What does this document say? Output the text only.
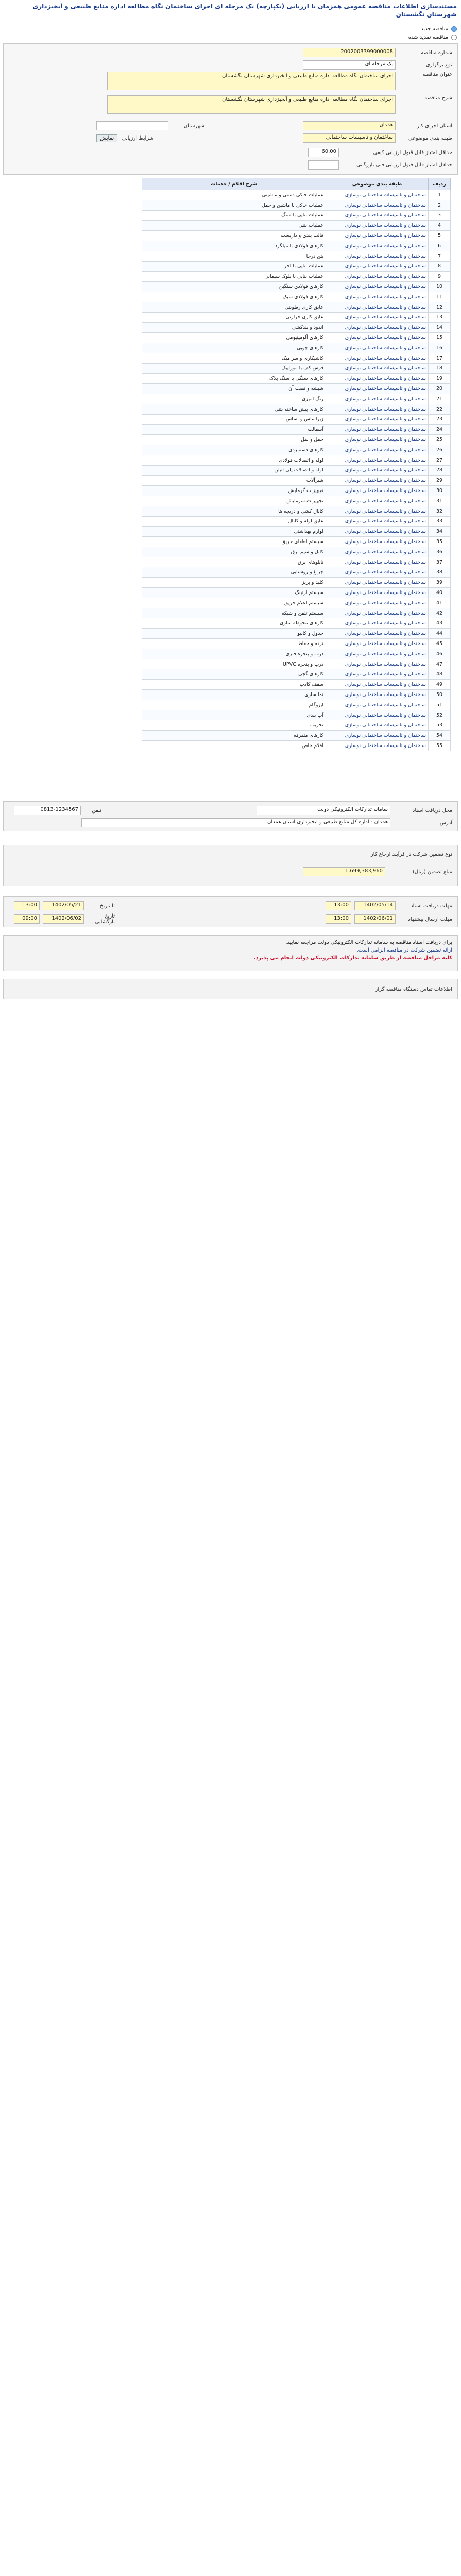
مستندسازی اطلاعات مناقصه عمومی همزمان با ارزیابی (یکپارچه) یک مرحله ای اجرای ساختمان نگاه مطالعه اداره منابع طبیعی و آبخیزداری شهرستان نگشستان
مناقصه جدید
مناقصه تمدید شده
شماره مناقصه
2002003399000008
نوع برگزاری
یک مرحله ای
عنوان مناقصه
اجرای ساختمان نگاه مطالعه اداره منابع طبیعی و آبخیزداری شهرستان نگشستان
شرح مناقصه
اجرای ساختمان نگاه مطالعه اداره منابع طبیعی و آبخیزداری شهرستان نگشستان
استان اجرای کار
همدان
طبقه بندی موضوعی
ساختمان و تاسیسات ساختمانی
شهرستان
شرایط ارزیابی
نمایش
حداقل امتیاز قابل قبول ارزیابی کیفی
60.00
حداقل امتیاز قابل قبول ارزیابی فنی بازرگانی
ردیف	طبقه بندی موضوعی	شرح اقلام / خدمات
1	ساختمان و تاسیسات ساختمانی نوسازی	عملیات خاکی دستی و ماشینی
2	ساختمان و تاسیسات ساختمانی نوسازی	عملیات خاکی با ماشین و حمل
3	ساختمان و تاسیسات ساختمانی نوسازی	عملیات بنایی با سنگ
4	ساختمان و تاسیسات ساختمانی نوسازی	عملیات بتنی
5	ساختمان و تاسیسات ساختمانی نوسازی	قالب بندی و داربست
6	ساختمان و تاسیسات ساختمانی نوسازی	کارهای فولادی با میلگرد
7	ساختمان و تاسیسات ساختمانی نوسازی	بتن درجا
8	ساختمان و تاسیسات ساختمانی نوسازی	عملیات بنایی با آجر
9	ساختمان و تاسیسات ساختمانی نوسازی	عملیات بنایی با بلوک سیمانی
10	ساختمان و تاسیسات ساختمانی نوسازی	کارهای فولادی سنگین
11	ساختمان و تاسیسات ساختمانی نوسازی	کارهای فولادی سبک
12	ساختمان و تاسیسات ساختمانی نوسازی	عایق کاری رطوبتی
13	ساختمان و تاسیسات ساختمانی نوسازی	عایق کاری حرارتی
14	ساختمان و تاسیسات ساختمانی نوسازی	اندود و بندکشی
15	ساختمان و تاسیسات ساختمانی نوسازی	کارهای آلومینیومی
16	ساختمان و تاسیسات ساختمانی نوسازی	کارهای چوبی
17	ساختمان و تاسیسات ساختمانی نوسازی	کاشیکاری و سرامیک
18	ساختمان و تاسیسات ساختمانی نوسازی	فرش کف با موزاییک
19	ساختمان و تاسیسات ساختمانی نوسازی	کارهای سنگی با سنگ پلاک
20	ساختمان و تاسیسات ساختمانی نوسازی	شیشه و نصب آن
21	ساختمان و تاسیسات ساختمانی نوسازی	رنگ آمیزی
22	ساختمان و تاسیسات ساختمانی نوسازی	کارهای پیش ساخته بتنی
23	ساختمان و تاسیسات ساختمانی نوسازی	زیراساس و اساس
24	ساختمان و تاسیسات ساختمانی نوسازی	آسفالت
25	ساختمان و تاسیسات ساختمانی نوسازی	حمل و نقل
26	ساختمان و تاسیسات ساختمانی نوسازی	کارهای دستمزدی
27	ساختمان و تاسیسات ساختمانی نوسازی	لوله و اتصالات فولادی
28	ساختمان و تاسیسات ساختمانی نوسازی	لوله و اتصالات پلی اتیلن
29	ساختمان و تاسیسات ساختمانی نوسازی	شیرآلات
30	ساختمان و تاسیسات ساختمانی نوسازی	تجهیزات گرمایش
31	ساختمان و تاسیسات ساختمانی نوسازی	تجهیزات سرمایش
32	ساختمان و تاسیسات ساختمانی نوسازی	کانال کشی و دریچه ها
33	ساختمان و تاسیسات ساختمانی نوسازی	عایق لوله و کانال
34	ساختمان و تاسیسات ساختمانی نوسازی	لوازم بهداشتی
35	ساختمان و تاسیسات ساختمانی نوسازی	سیستم اطفای حریق
36	ساختمان و تاسیسات ساختمانی نوسازی	کابل و سیم برق
37	ساختمان و تاسیسات ساختمانی نوسازی	تابلوهای برق
38	ساختمان و تاسیسات ساختمانی نوسازی	چراغ و روشنایی
39	ساختمان و تاسیسات ساختمانی نوسازی	کلید و پریز
40	ساختمان و تاسیسات ساختمانی نوسازی	سیستم ارتینگ
41	ساختمان و تاسیسات ساختمانی نوسازی	سیستم اعلام حریق
42	ساختمان و تاسیسات ساختمانی نوسازی	سیستم تلفن و شبکه
43	ساختمان و تاسیسات ساختمانی نوسازی	کارهای محوطه سازی
44	ساختمان و تاسیسات ساختمانی نوسازی	جدول و کانیو
45	ساختمان و تاسیسات ساختمانی نوسازی	نرده و حفاظ
46	ساختمان و تاسیسات ساختمانی نوسازی	درب و پنجره فلزی
47	ساختمان و تاسیسات ساختمانی نوسازی	درب و پنجره UPVC
48	ساختمان و تاسیسات ساختمانی نوسازی	کارهای گچی
49	ساختمان و تاسیسات ساختمانی نوسازی	سقف کاذب
50	ساختمان و تاسیسات ساختمانی نوسازی	نما سازی
51	ساختمان و تاسیسات ساختمانی نوسازی	ایزوگام
52	ساختمان و تاسیسات ساختمانی نوسازی	آب بندی
53	ساختمان و تاسیسات ساختمانی نوسازی	تخریب
54	ساختمان و تاسیسات ساختمانی نوسازی	کارهای متفرقه
55	ساختمان و تاسیسات ساختمانی نوسازی	اقلام خاص
محل دریافت اسناد
سامانه تدارکات الکترونیکی دولت
تلفن
0813-1234567
آدرس
همدان - اداره کل منابع طبیعی و آبخیزداری استان همدان
نوع تضمین شرکت در فرآیند ارجاع کار
مبلغ تضمین (ریال)
1,699,383,960
مهلت دریافت اسناد
1402/05/14
13:00
تا تاریخ
1402/05/21
13:00
مهلت ارسال پیشنهاد
1402/06/01
13:00
تاریخ بازگشایی
1402/06/02
09:00
برای دریافت اسناد مناقصه به سامانه تدارکات الکترونیکی دولت مراجعه نمایید.
ارائه تضمین شرکت در مناقصه الزامی است.
کلیه مراحل مناقصه از طریق سامانه تدارکات الکترونیکی دولت انجام می پذیرد.
اطلاعات تماس دستگاه مناقصه گزار
